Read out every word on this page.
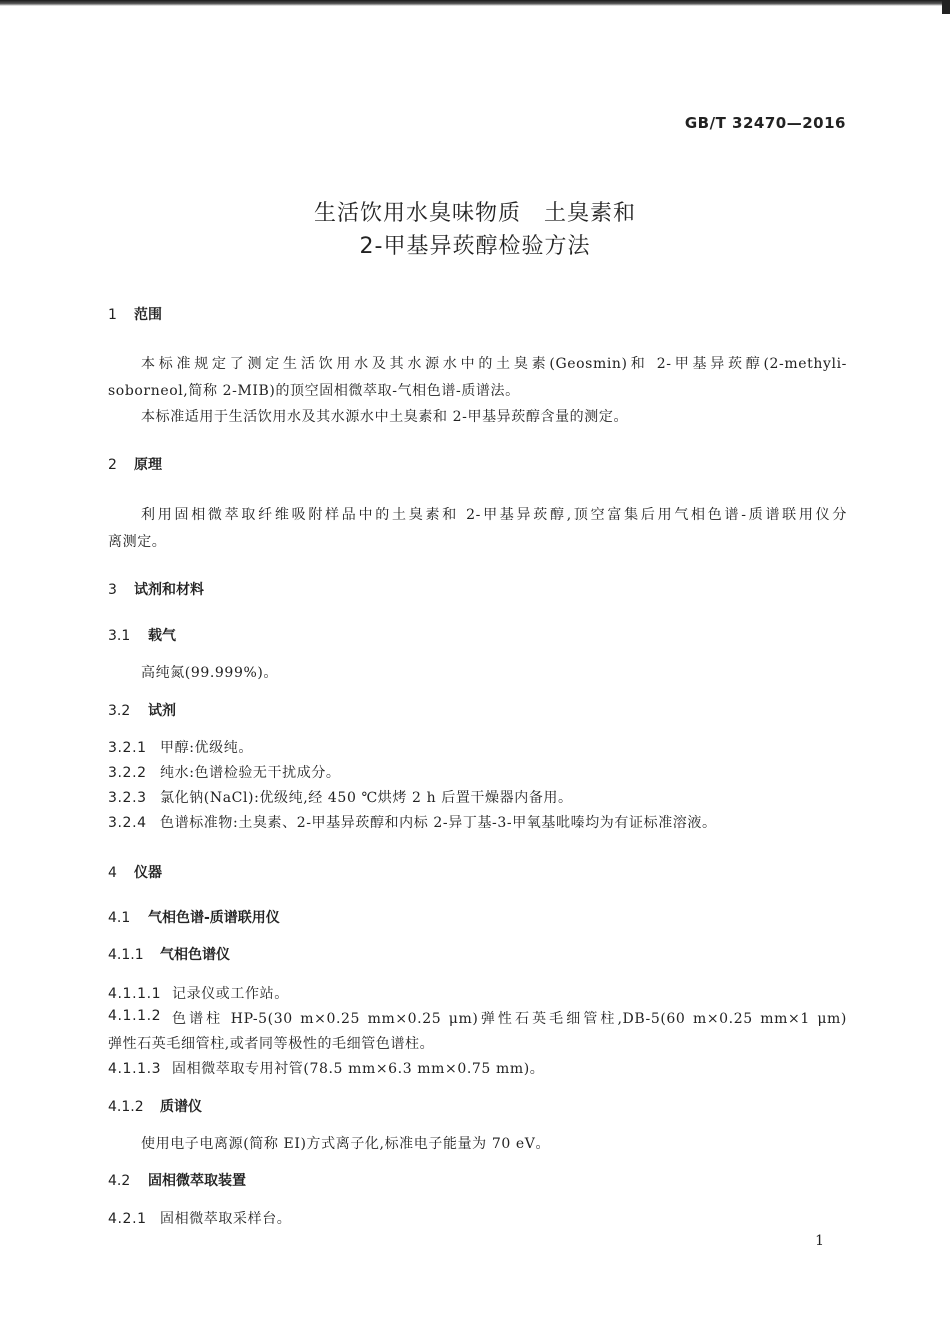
GB/T 32470—2016
生活饮用水臭味物质　土臭素和
2-甲基异莰醇检验方法
1 范围
本标准规定了测定生活饮用水及其水源水中的土臭素(Geosmin)和 2-甲基异莰醇(2-methyli-
soborneol,简称 2-MIB)的顶空固相微萃取-气相色谱-质谱法。
本标准适用于生活饮用水及其水源水中土臭素和 2-甲基异莰醇含量的测定。
2 原理
利用固相微萃取纤维吸附样品中的土臭素和 2-甲基异莰醇,顶空富集后用气相色谱-质谱联用仪分
离测定。
3 试剂和材料
3.1 载气
高纯氮(99.999%)。
3.2 试剂
3.2.1 甲醇:优级纯。
3.2.2 纯水:色谱检验无干扰成分。
3.2.3 氯化钠(NaCl):优级纯,经 450 ℃烘烤 2 h 后置干燥器内备用。
3.2.4 色谱标准物:土臭素、2-甲基异莰醇和内标 2-异丁基-3-甲氧基吡嗪均为有证标准溶液。
4 仪器
4.1 气相色谱-质谱联用仪
4.1.1 气相色谱仪
4.1.1.1 记录仪或工作站。
4.1.1.2 色谱柱 HP-5(30 m×0.25 mm×0.25 μm)弹性石英毛细管柱,DB-5(60 m×0.25 mm×1 μm)
弹性石英毛细管柱,或者同等极性的毛细管色谱柱。
4.1.1.3 固相微萃取专用衬管(78.5 mm×6.3 mm×0.75 mm)。
4.1.2 质谱仪
使用电子电离源(简称 EI)方式离子化,标准电子能量为 70 eV。
4.2 固相微萃取装置
4.2.1 固相微萃取采样台。
1
